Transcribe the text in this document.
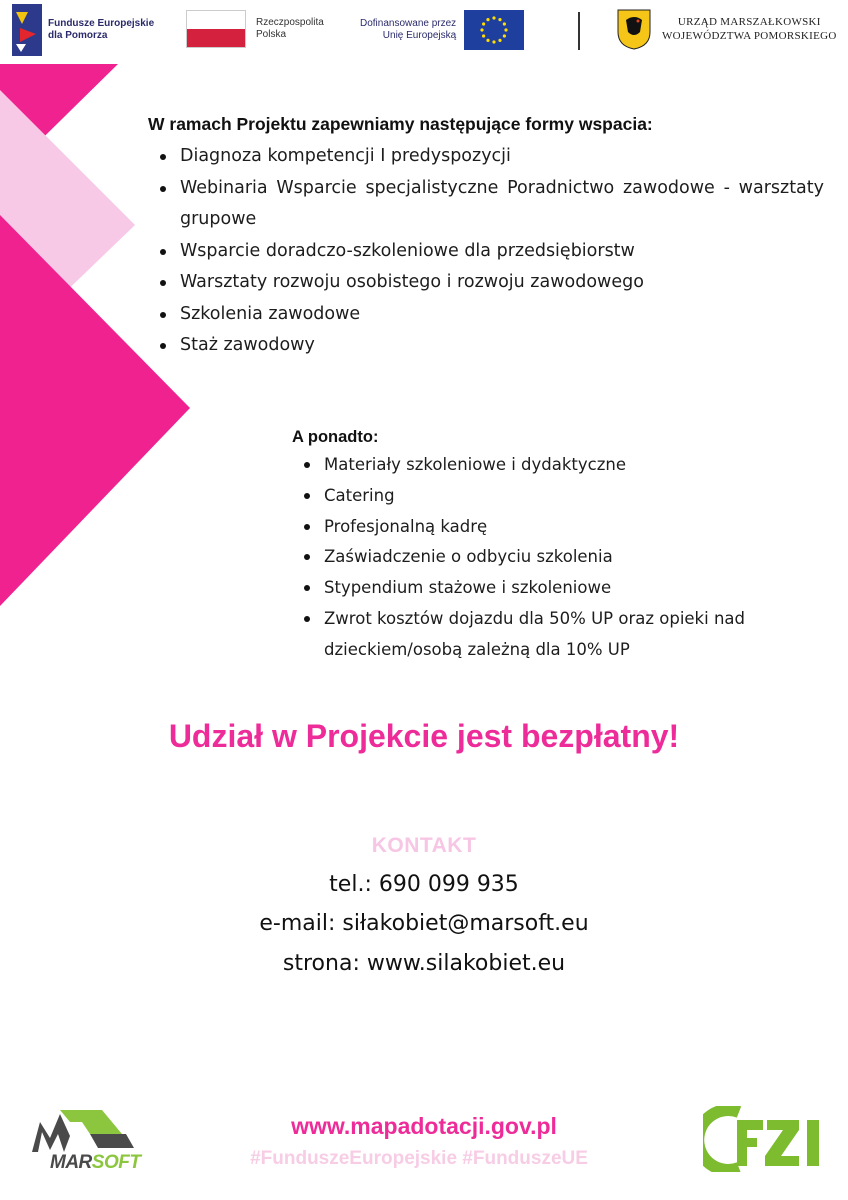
Fundusze Europejskie
dla Pomorza
Rzeczpospolita
Polska
Dofinansowane przez
Unię Europejską
URZĄD MARSZAŁKOWSKI
WOJEWÓDZTWA POMORSKIEGO

W ramach Projektu zapewniamy następujące formy wspacia:

Diagnoza kompetencji I predyspozycji
Webinaria Wsparcie specjalistyczne Poradnictwo zawodowe - warsztaty grupowe
Wsparcie doradczo-szkoleniowe dla przedsiębiorstw
Warsztaty rozwoju osobistego i rozwoju zawodowego
Szkolenia zawodowe
Staż zawodowy

A ponadto:

Materiały szkoleniowe i dydaktyczne
Catering
Profesjonalną kadrę
Zaświadczenie o odbyciu szkolenia
Stypendium stażowe i szkoleniowe
Zwrot kosztów dojazdu dla 50% UP oraz opieki nad dzieckiem/osobą zależną dla 10% UP
Udział w Projekcie jest bezpłatny!
KONTAKT
tel.: 690 099 935
e-mail: siłakobiet@marsoft.eu
strona: www.silakobiet.eu
MARSOFT
www.mapadotacji.gov.pl
#FunduszeEuropejskie #FunduszeUE
